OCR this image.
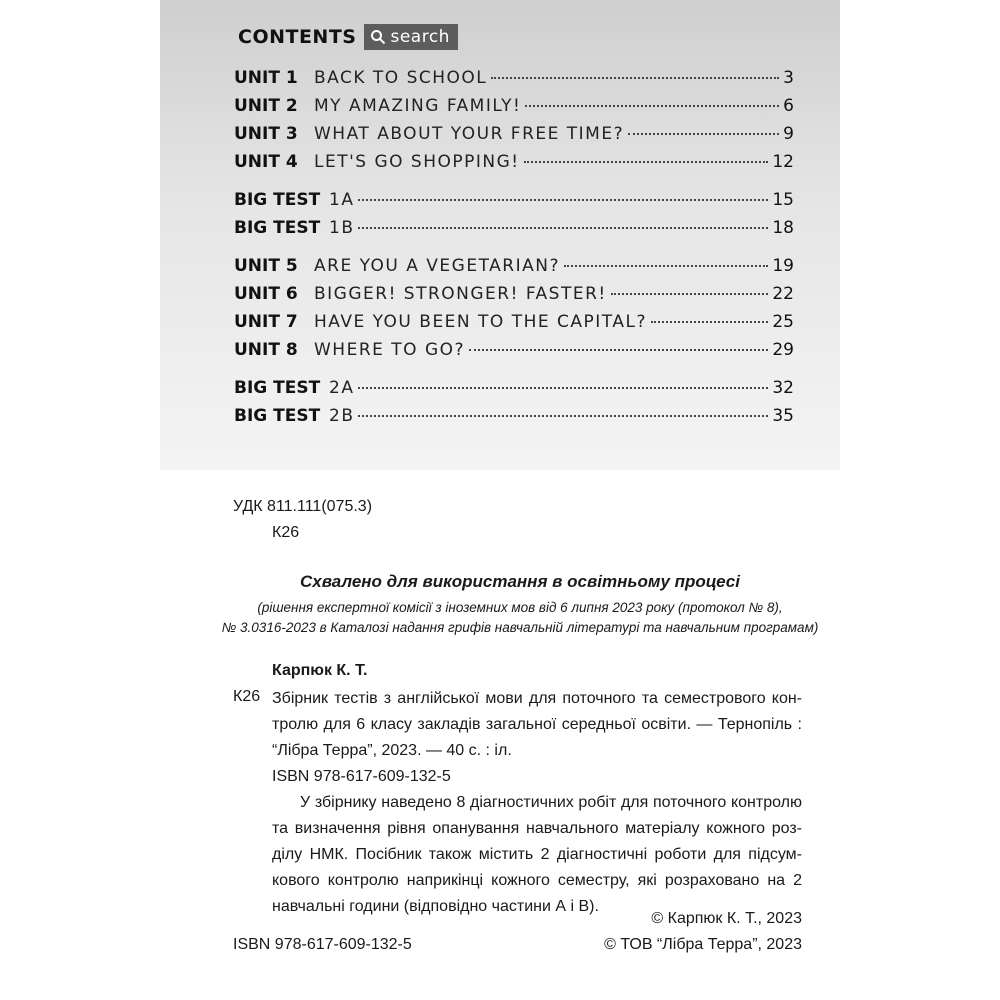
CONTENTS search
UNIT 1 BACK TO SCHOOL	3
UNIT 2 MY AMAZING FAMILY!	6
UNIT 3 WHAT ABOUT YOUR FREE TIME?	9
UNIT 4 LET'S GO SHOPPING!	12
BIG TEST 1A	15
BIG TEST 1B	18
UNIT 5 ARE YOU A VEGETARIAN?	19
UNIT 6 BIGGER! STRONGER! FASTER!	22
UNIT 7 HAVE YOU BEEN TO THE CAPITAL?	25
UNIT 8 WHERE TO GO?	29
BIG TEST 2A	32
BIG TEST 2B	35
УДК 811.111(075.3)
К26
Схвалено для використання в освітньому процесі
(рішення експертної комісії з іноземних мов від 6 липня 2023 року (протокол № 8),
№ 3.0316-2023 в Каталозі надання грифів навчальній літературі та навчальним програмам)
Карпюк К. Т.
К26 Збірник тестів з англійської мови для поточного та семестрового кон-
тролю для 6 класу закладів загальної середньої освіти. — Тернопіль :
“Лібра Терра”, 2023. — 40 с. : іл.
ISBN 978-617-609-132-5
У збірнику наведено 8 діагностичних робіт для поточного контролю
та визначення рівня опанування навчального матеріалу кожного роз-
ділу НМК. Посібник також містить 2 діагностичні роботи для підсум-
кового контролю наприкінці кожного семестру, які розраховано на 2
навчальні години (відповідно частини А і В).
© Карпюк К. Т., 2023
© ТОВ “Лібра Терра”, 2023
ISBN 978-617-609-132-5
